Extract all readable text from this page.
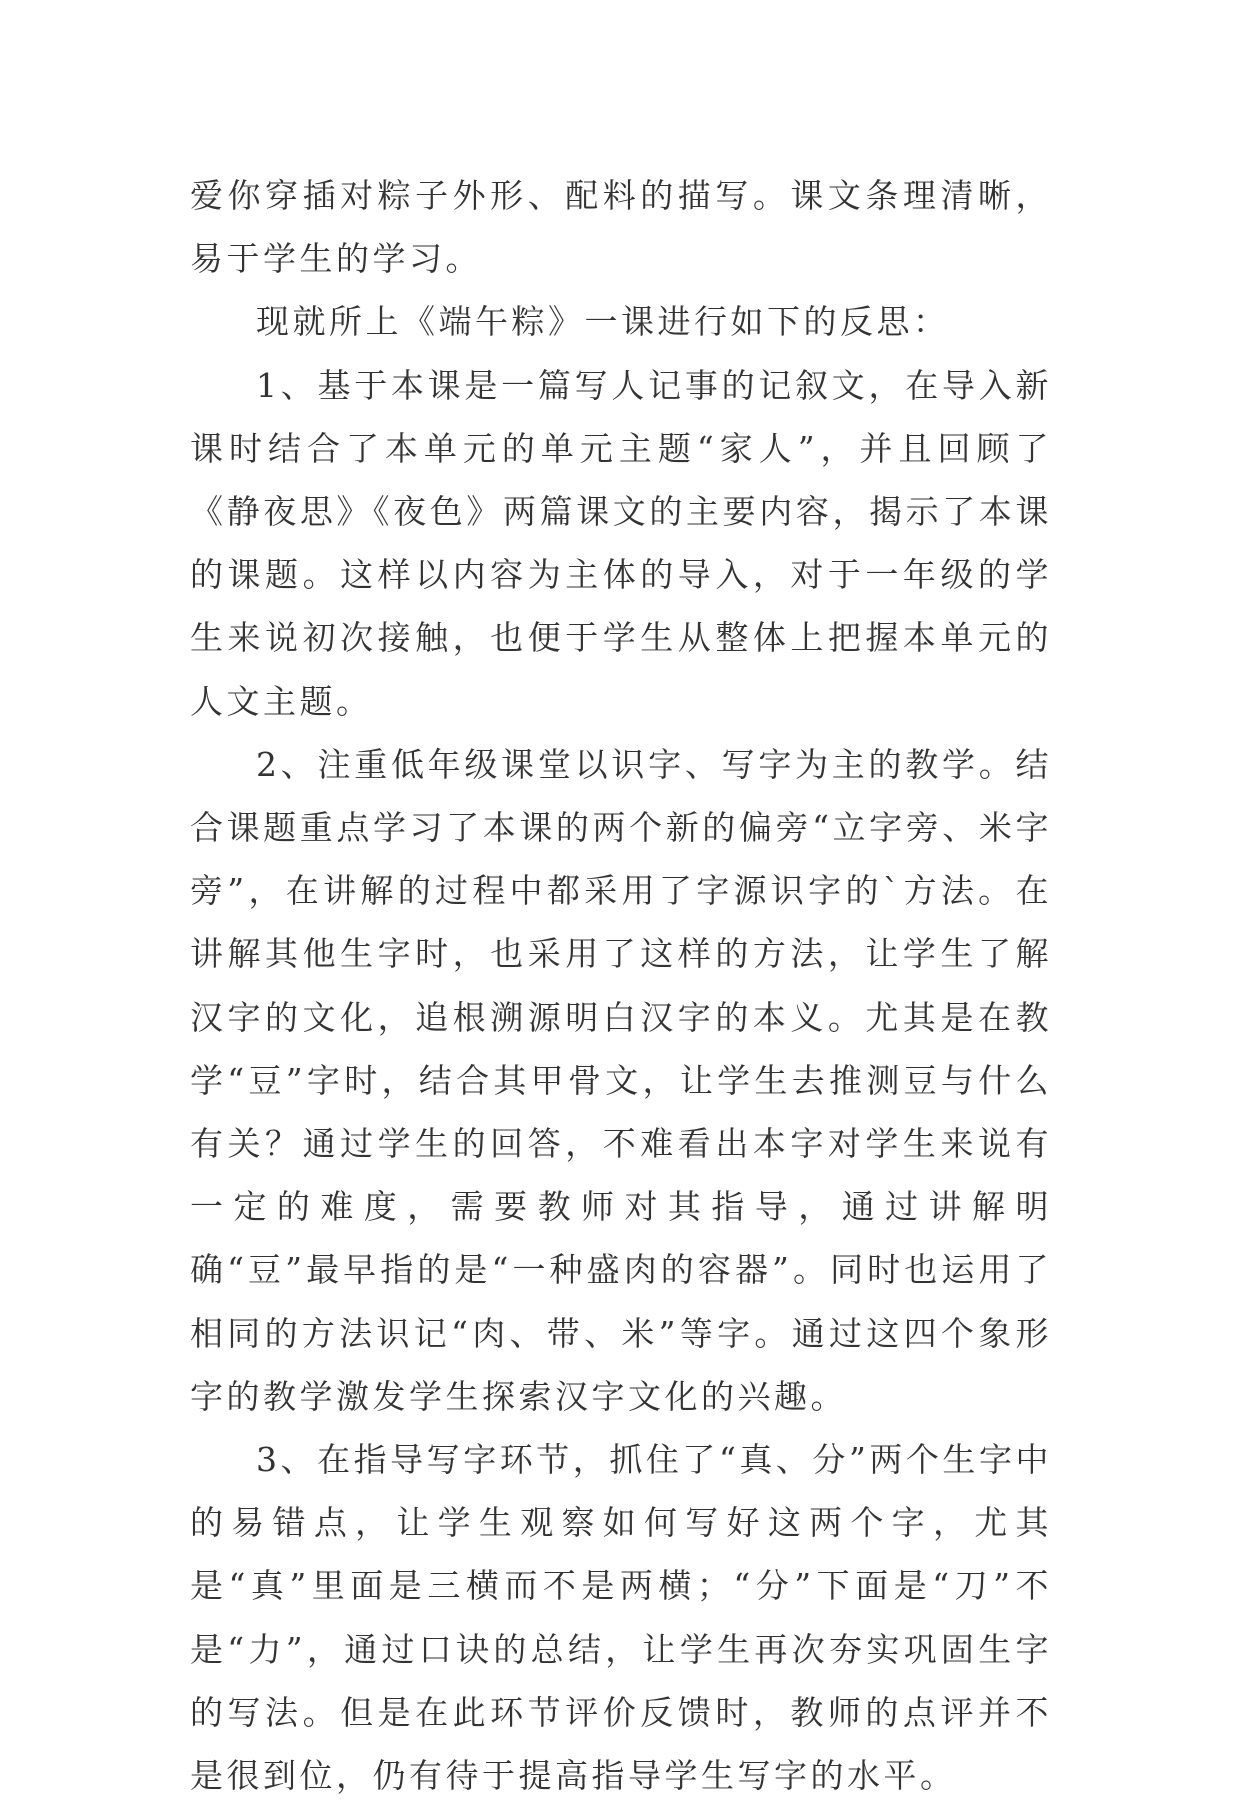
爱你穿插对粽子外形、配料的描写。课文条理清晰，易于学生的学习。

现就所上《端午粽》一课进行如下的反思：

1、基于本课是一篇写人记事的记叙文，在导入新课时结合了本单元的单元主题“家人”，并且回顾了《静夜思》《夜色》两篇课文的主要内容，揭示了本课的课题。这样以内容为主体的导入，对于一年级的学生来说初次接触，也便于学生从整体上把握本单元的人文主题。

2、注重低年级课堂以识字、写字为主的教学。结合课题重点学习了本课的两个新的偏旁“立字旁、米字旁”，在讲解的过程中都采用了字源识字的`方法。在讲解其他生字时，也采用了这样的方法，让学生了解汉字的文化，追根溯源明白汉字的本义。尤其是在教学“豆”字时，结合其甲骨文，让学生去推测豆与什么有关？通过学生的回答，不难看出本字对学生来说有一定的难度，需要教师对其指导，通过讲解明确“豆”最早指的是“一种盛肉的容器”。同时也运用了相同的方法识记“肉、带、米”等字。通过这四个象形字的教学激发学生探索汉字文化的兴趣。

3、在指导写字环节，抓住了“真、分”两个生字中的易错点，让学生观察如何写好这两个字，尤其是“真”里面是三横而不是两横；“分”下面是“刀”不是“力”，通过口诀的总结，让学生再次夯实巩固生字的写法。但是在此环节评价反馈时，教师的点评并不是很到位，仍有待于提高指导学生写字的水平。
